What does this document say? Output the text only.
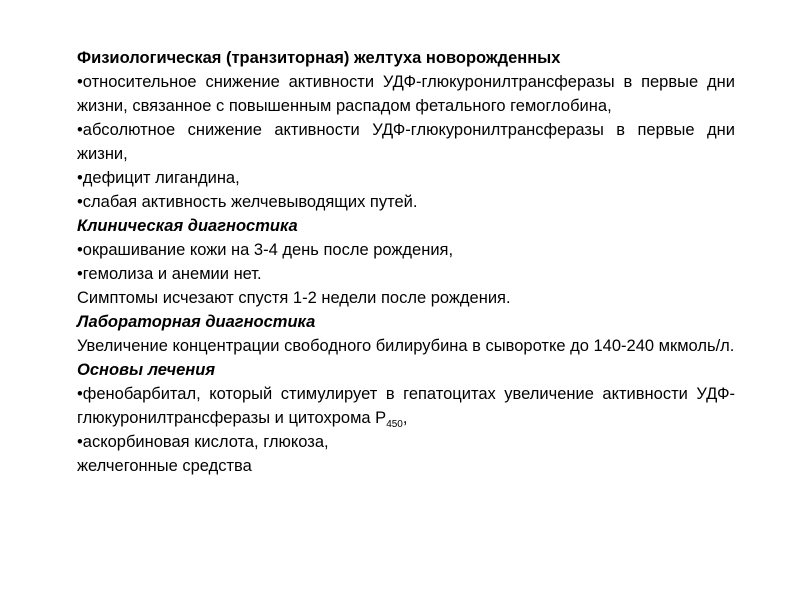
Физиологическая (транзиторная) желтуха новорожденных

•относительное снижение активности УДФ-глюкуронилтрансферазы в первые дни жизни, связанное с повышенным распадом фетального гемоглобина,

•абсолютное снижение активности УДФ-глюкуронилтрансферазы в первые дни жизни,

•дефицит лигандина,

•слабая активность желчевыводящих путей.

Клиническая диагностика

•окрашивание кожи на 3-4 день после рождения,

•гемолиза и анемии нет.

Симптомы исчезают спустя 1-2 недели после рождения.

Лабораторная диагностика

Увеличение концентрации свободного билирубина в сыворотке до 140-240 мкмоль/л.

Основы лечения

•фенобарбитал, который стимулирует в гепатоцитах увеличение активности УДФ-глюкуронилтрансферазы и цитохрома $Р_{450}$,

•аскорбиновая кислота, глюкоза,

желчегонные средства
